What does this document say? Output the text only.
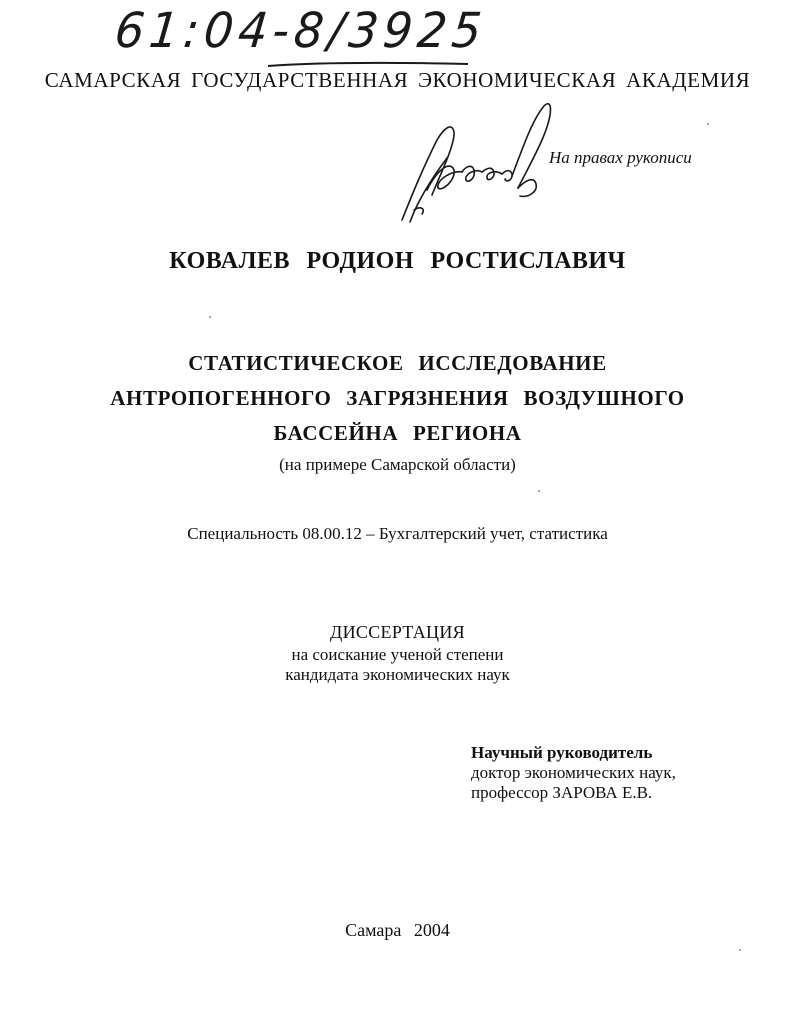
61:04-8/3925
САМАРСКАЯ ГОСУДАРСТВЕННАЯ ЭКОНОМИЧЕСКАЯ АКАДЕМИЯ
На правах рукописи
КОВАЛЕВ РОДИОН РОСТИСЛАВИЧ
СТАТИСТИЧЕСКОЕ ИССЛЕДОВАНИЕ
АНТРОПОГЕННОГО ЗАГРЯЗНЕНИЯ ВОЗДУШНОГО
БАССЕЙНА РЕГИОНА
(на примере Самарской области)
Специальность 08.00.12 – Бухгалтерский учет, статистика
ДИССЕРТАЦИЯ
на соискание ученой степени
кандидата экономических наук
Научный руководитель
доктор экономических наук,
профессор ЗАРОВА Е.В.
Самара 2004
